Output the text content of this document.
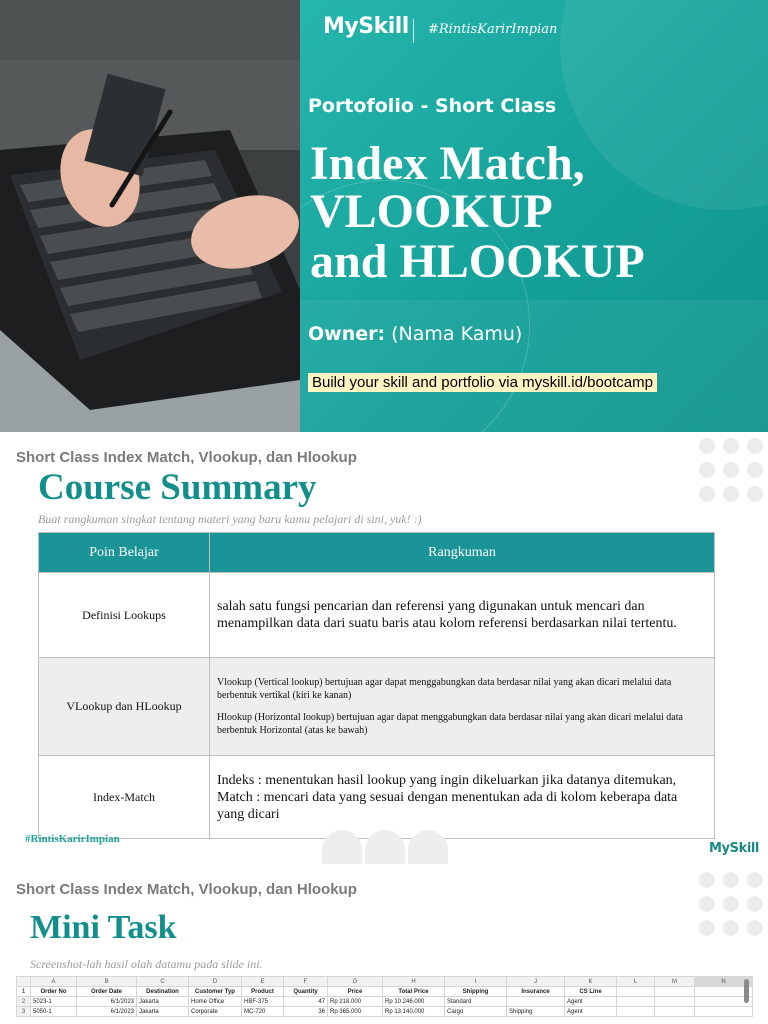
MySkill #RintisKarirImpian
Portofolio - Short Class
Index Match,
VLOOKUP
and HLOOKUP
Owner: (Nama Kamu)
Build your skill and portfolio via myskill.id/bootcamp
Short Class Index Match, Vlookup, dan Hlookup
Course Summary
Buat rangkuman singkat tentang materi yang baru kamu pelajari di sini, yuk! :)
Poin Belajar	Rangkuman
Definisi Lookups	salah satu fungsi pencarian dan referensi yang digunakan untuk mencari dan menampilkan data dari suatu baris atau kolom referensi berdasarkan nilai tertentu.

VLookup dan HLookup	Vlookup (Vertical lookup) bertujuan agar dapat menggabungkan data berdasar nilai yang akan dicari melalui data berbentuk vertikal (kiri ke kanan)

Hlookup (Horizontal lookup) bertujuan agar dapat menggabungkan data berdasar nilai yang akan dicari melalui data berbentuk Horizontal (atas ke bawah)

Index-Match	Indeks : menentukan hasil lookup yang ingin dikeluarkan jika datanya ditemukan, Match : mencari data yang sesuai dengan menentukan ada di kolom keberapa data yang dicari

#RintisKarirImpian
MySkill
Short Class Index Match, Vlookup, dan Hlookup
Mini Task
Screenshot-lah hasil olah datamu pada slide ini.
	A	B	C	D	E	F	G	H	I	J	K	L	M	N
1	Order No	Order Date	Destination	Customer Typ	Product	Quantity	Price	Total Price	Shipping	Insurance	CS Line			
2	5023-1	6/1/2023	Jakarta	Home Office	HBF-375	47	Rp 218.000	Rp 10.246.000	Standard		Agent			
3	5050-1	6/1/2023	Jakarta	Corporate	MC-720	36	Rp 365.000	Rp 13.140.000	Cargo	Shipping	Agent			
